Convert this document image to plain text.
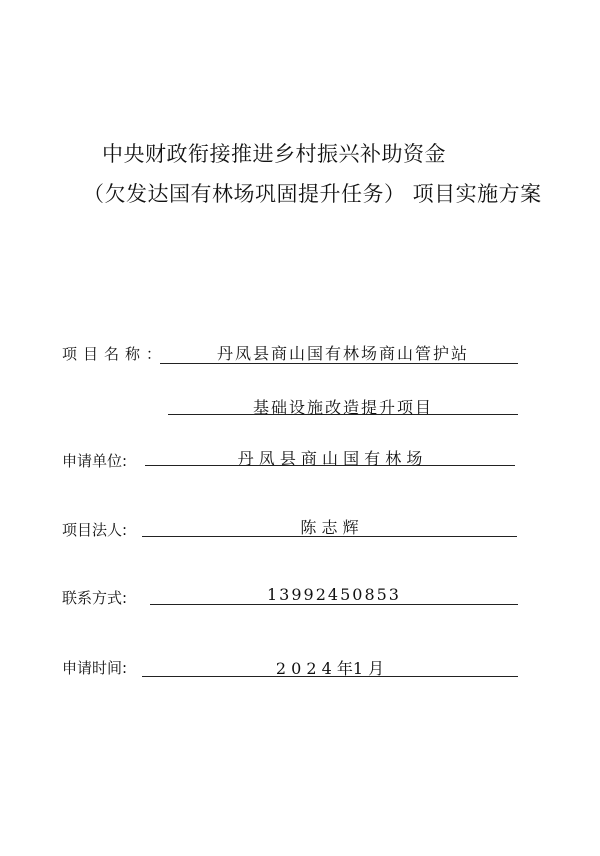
中央财政衔接推进乡村振兴补助资金
（欠发达国有林场巩固提升任务） 项目实施方案
项目名称：	丹凤县商山国有林场商山管护站
基础设施改造提升项目
申请单位:	丹 凤 县 商 山 国 有 林 场
项目法人:	陈 志 辉
联系方式:	13992450853
申请时间:	2 0 2 4 年1 月
